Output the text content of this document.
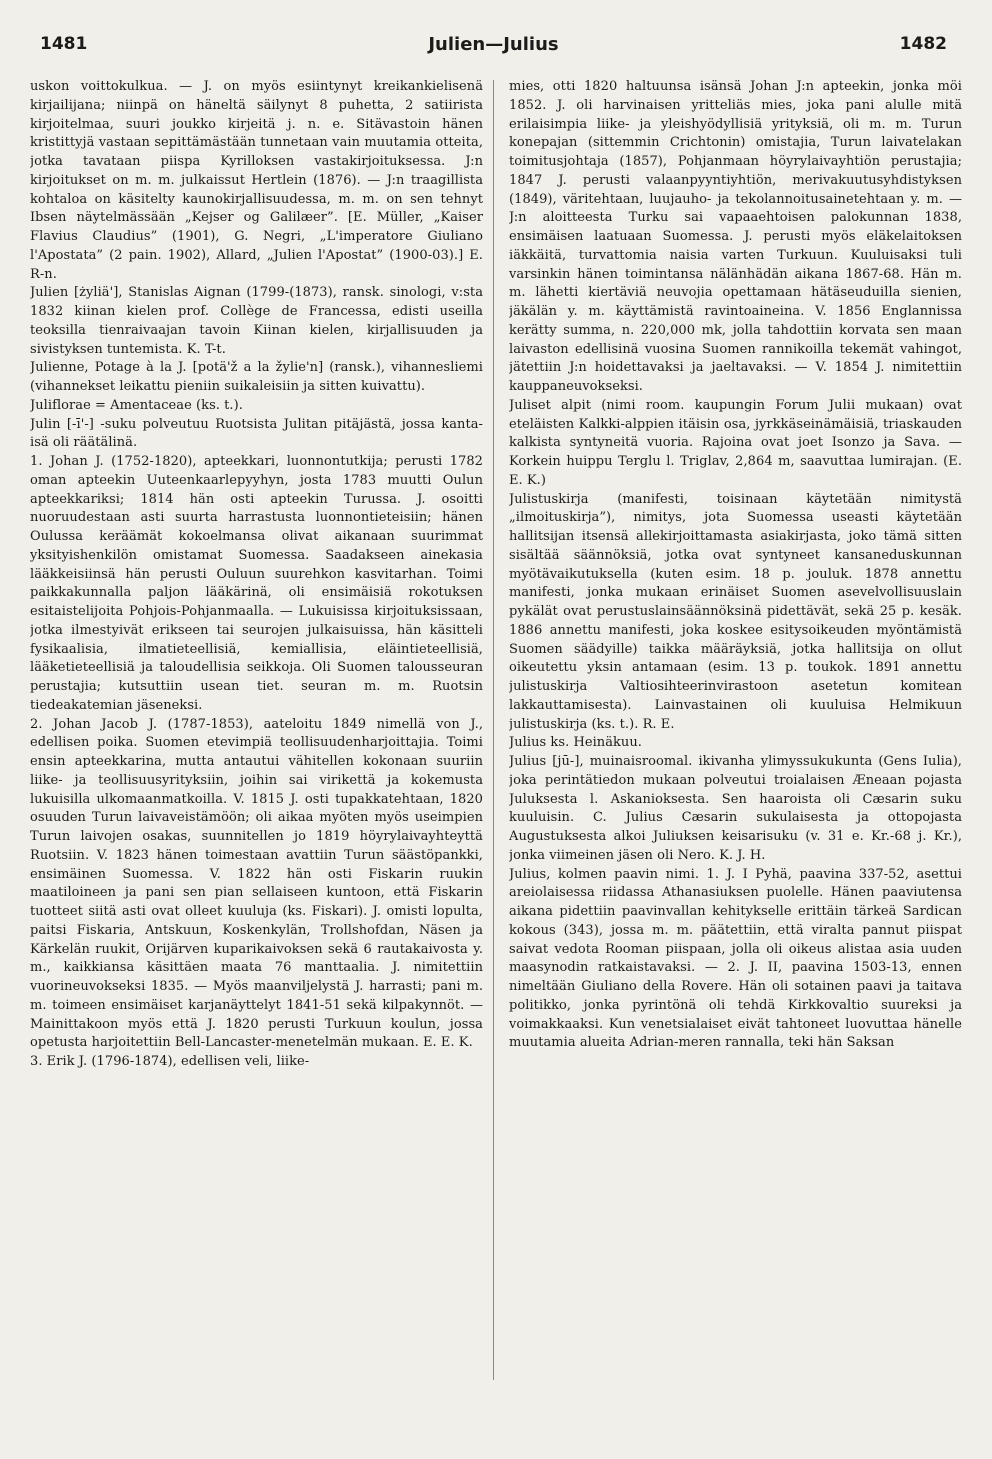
1481	Julien—Julius	1482

uskon voittokulkua. — J. on myös esiintynyt kreikankielisenä kirjailijana; niinpä on häneltä säilynyt 8 puhetta, 2 satiirista kirjoitelmaa, suuri joukko kirjeitä j. n. e. Sitävastoin hänen kristittyjä vastaan sepittämästään tunnetaan vain muutamia otteita, jotka tavataan piispa Kyrilloksen vastakirjoituksessa. J:n kirjoitukset on m. m. julkaissut Hertlein (1876). — J:n traagillista kohtaloa on käsitelty kaunokirjallisuudessa, m. m. on sen tehnyt Ibsen näytelmässään „Kejser og Galilæer”. [E. Müller, „Kaiser Flavius Claudius” (1901), G. Negri, „L'imperatore Giuliano l'Apostata” (2 pain. 1902), Allard, „Julien l'Apostat” (1900-03).] E. R-n.

Julien [żyliä'], Stanislas Aignan (1799-(1873), ransk. sinologi, v:sta 1832 kiinan kielen prof. Collège de Francessa, edisti useilla teoksilla tienraivaajan tavoin Kiinan kielen, kirjallisuuden ja sivistyksen tuntemista. K. T-t.

Julienne, Potage à la J. [potä'ž a la žylie'n] (ransk.), vihannesliemi (vihannekset leikattu pieniin suikaleisiin ja sitten kuivattu).

Juliflorae = Amentaceae (ks. t.).

Julin [-ī'-] -suku polveutuu Ruotsista Julitan pitäjästä, jossa kanta-isä oli räätälinä.

1. Johan J. (1752-1820), apteekkari, luonnontutkija; perusti 1782 oman apteekin Uuteenkaarlepyyhyn, josta 1783 muutti Oulun apteekkariksi; 1814 hän osti apteekin Turussa. J. osoitti nuoruudestaan asti suurta harrastusta luonnontieteisiin; hänen Oulussa keräämät kokoelmansa olivat aikanaan suurimmat yksityishenkilön omistamat Suomessa. Saadakseen ainekasia lääkkeisiinsä hän perusti Ouluun suurehkon kasvitarhan. Toimi paikkakunnalla paljon lääkärinä, oli ensimäisiä rokotuksen esitaistelijoita Pohjois-Pohjanmaalla. — Lukuisissa kirjoituksissaan, jotka ilmestyivät erikseen tai seurojen julkaisuissa, hän käsitteli fysikaalisia, ilmatieteellisiä, kemiallisia, eläintieteellisiä, lääketieteellisiä ja taloudellisia seikkoja. Oli Suomen talousseuran perustajia; kutsuttiin usean tiet. seuran m. m. Ruotsin tiedeakatemian jäseneksi.

2. Johan Jacob J. (1787-1853), aateloitu 1849 nimellä von J., edellisen poika. Suomen etevimpiä teollisuudenharjoittajia. Toimi ensin apteekkarina, mutta antautui vähitellen kokonaan suuriin liike- ja teollisuusyrityksiin, joihin sai virikettä ja kokemusta lukuisilla ulkomaanmatkoilla. V. 1815 J. osti tupakkatehtaan, 1820 osuuden Turun laivaveistämöön; oli aikaa myöten myös useimpien Turun laivojen osakas, suunnitellen jo 1819 höyrylaivayhteyttä Ruotsiin. V. 1823 hänen toimestaan avattiin Turun säästöpankki, ensimäinen Suomessa. V. 1822 hän osti Fiskarin ruukin maatiloineen ja pani sen pian sellaiseen kuntoon, että Fiskarin tuotteet siitä asti ovat olleet kuuluja (ks. Fiskari). J. omisti lopulta, paitsi Fiskaria, Antskuun, Koskenkylän, Trollshofdan, Näsen ja Kärkelän ruukit, Orijärven kuparikaivoksen sekä 6 rautakaivosta y. m., kaikkiansa käsittäen maata 76 manttaalia. J. nimitettiin vuorineuvokseksi 1835. — Myös maanviljelystä J. harrasti; pani m. m. toimeen ensimäiset karjanäyttelyt 1841-51 sekä kilpakynnöt. — Mainittakoon myös että J. 1820 perusti Turkuun koulun, jossa opetusta harjoitettiin Bell-Lancaster-menetelmän mukaan. E. E. K.

3. Erik J. (1796-1874), edellisen veli, liike-

mies, otti 1820 haltuunsa isänsä Johan J:n apteekin, jonka möi 1852. J. oli harvinaisen yritteliäs mies, joka pani alulle mitä erilaisimpia liike- ja yleishyödyllisiä yrityksiä, oli m. m. Turun konepajan (sittemmin Crichtonin) omistajia, Turun laivatelakan toimitusjohtaja (1857), Pohjanmaan höyrylaivayhtiön perustajia; 1847 J. perusti valaanpyyntiyhtiön, merivakuutusyhdistyksen (1849), väritehtaan, luujauho- ja tekolannoitusainetehtaan y. m. — J:n aloitteesta Turku sai vapaaehtoisen palokunnan 1838, ensimäisen laatuaan Suomessa. J. perusti myös eläkelaitoksen iäkkäitä, turvattomia naisia varten Turkuun. Kuuluisaksi tuli varsinkin hänen toimintansa nälänhädän aikana 1867-68. Hän m. m. lähetti kiertäviä neuvojia opettamaan hätäseuduilla sienien, jäkälän y. m. käyttämistä ravintoaineina. V. 1856 Englannissa kerätty summa, n. 220,000 mk, jolla tahdottiin korvata sen maan laivaston edellisinä vuosina Suomen rannikoilla tekemät vahingot, jätettiin J:n hoidettavaksi ja jaeltavaksi. — V. 1854 J. nimitettiin kauppaneuvokseksi.

Juliset alpit (nimi room. kaupungin Forum Julii mukaan) ovat eteläisten Kalkki-alppien itäisin osa, jyrkkäseinämäisiä, triaskauden kalkista syntyneitä vuoria. Rajoina ovat joet Isonzo ja Sava. — Korkein huippu Terglu l. Triglav, 2,864 m, saavuttaa lumirajan. (E. E. K.)

Julistuskirja (manifesti, toisinaan käytetään nimitystä „ilmoituskirja”), nimitys, jota Suomessa useasti käytetään hallitsijan itsensä allekirjoittamasta asiakirjasta, joko tämä sitten sisältää säännöksiä, jotka ovat syntyneet kansaneduskunnan myötävaikutuksella (kuten esim. 18 p. jouluk. 1878 annettu manifesti, jonka mukaan erinäiset Suomen asevelvollisuuslain pykälät ovat perustuslainsäännöksinä pidettävät, sekä 25 p. kesäk. 1886 annettu manifesti, joka koskee esitysoikeuden myöntämistä Suomen säädyille) taikka määräyksiä, jotka hallitsija on ollut oikeutettu yksin antamaan (esim. 13 p. toukok. 1891 annettu julistuskirja Valtiosihteerinvirastoon asetetun komitean lakkauttamisesta). Lainvastainen oli kuuluisa Helmikuun julistuskirja (ks. t.). R. E.

Julius ks. Heinäkuu.

Julius [jū-], muinaisroomal. ikivanha ylimyssukukunta (Gens Iulia), joka perintätiedon mukaan polveutui troialaisen Æneaan pojasta Juluksesta l. Askanioksesta. Sen haaroista oli Cæsarin suku kuuluisin. C. Julius Cæsarin sukulaisesta ja ottopojasta Augustuksesta alkoi Juliuksen keisarisuku (v. 31 e. Kr.-68 j. Kr.), jonka viimeinen jäsen oli Nero. K. J. H.

Julius, kolmen paavin nimi. 1. J. I Pyhä, paavina 337-52, asettui areiolaisessa riidassa Athanasiuksen puolelle. Hänen paaviutensa aikana pidettiin paavinvallan kehitykselle erittäin tärkeä Sardican kokous (343), jossa m. m. päätettiin, että viralta pannut piispat saivat vedota Rooman piispaan, jolla oli oikeus alistaa asia uuden maasynodin ratkaistavaksi. — 2. J. II, paavina 1503-13, ennen nimeltään Giuliano della Rovere. Hän oli sotainen paavi ja taitava politikko, jonka pyrintönä oli tehdä Kirkkovaltio suureksi ja voimakkaaksi. Kun venetsialaiset eivät tahtoneet luovuttaa hänelle muutamia alueita Adrian-meren rannalla, teki hän Saksan
